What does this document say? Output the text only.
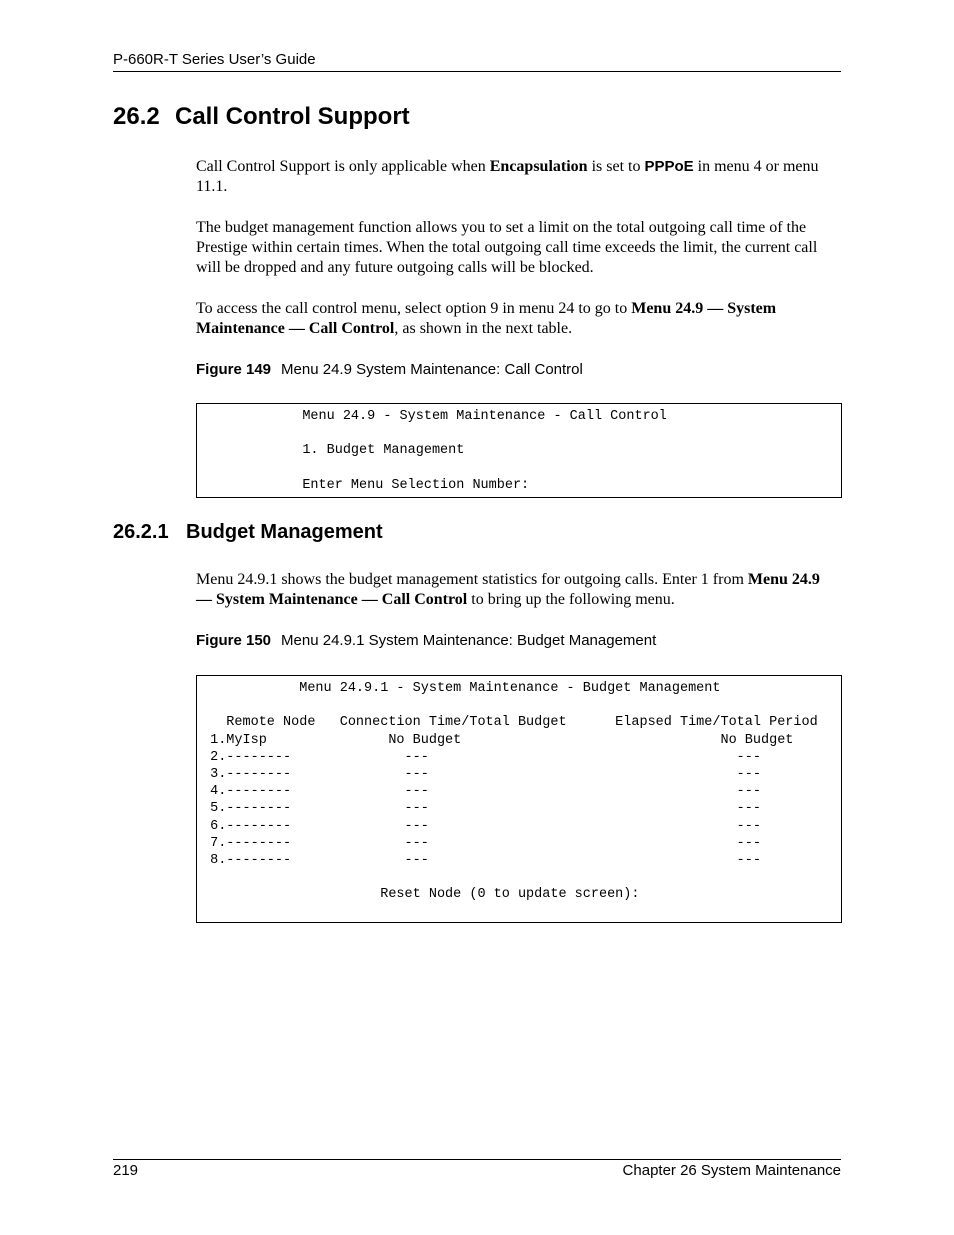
P-660R-T Series User’s Guide
26.2 Call Control Support

Call Control Support is only applicable when Encapsulation is set to PPPoE in menu 4 or menu 11.1.

The budget management function allows you to set a limit on the total outgoing call time of the Prestige within certain times. When the total outgoing call time exceeds the limit, the current call will be dropped and any future outgoing calls will be blocked.

To access the call control menu, select option 9 in menu 24 to go to Menu 24.9 — System Maintenance — Call Control, as shown in the next table.

Figure 149 Menu 24.9 System Maintenance: Call Control
Menu 24.9 - System Maintenance - Call Control

1. Budget Management

Enter Menu Selection Number:
26.2.1 Budget Management

Menu 24.9.1 shows the budget management statistics for outgoing calls. Enter 1 from Menu 24.9 — System Maintenance — Call Control to bring up the following menu.

Figure 150 Menu 24.9.1 System Maintenance: Budget Management
Menu 24.9.1 - System Maintenance - Budget Management

Remote Node   Connection Time/Total Budget      Elapsed Time/Total Period
1.MyIsp               No Budget                                No Budget
2.--------              ---                                      ---
3.--------              ---                                      ---
4.--------              ---                                      ---
5.--------              ---                                      ---
6.--------              ---                                      ---
7.--------              ---                                      ---
8.--------              ---                                      ---

Reset Node (0 to update screen):
219	Chapter 26 System Maintenance
